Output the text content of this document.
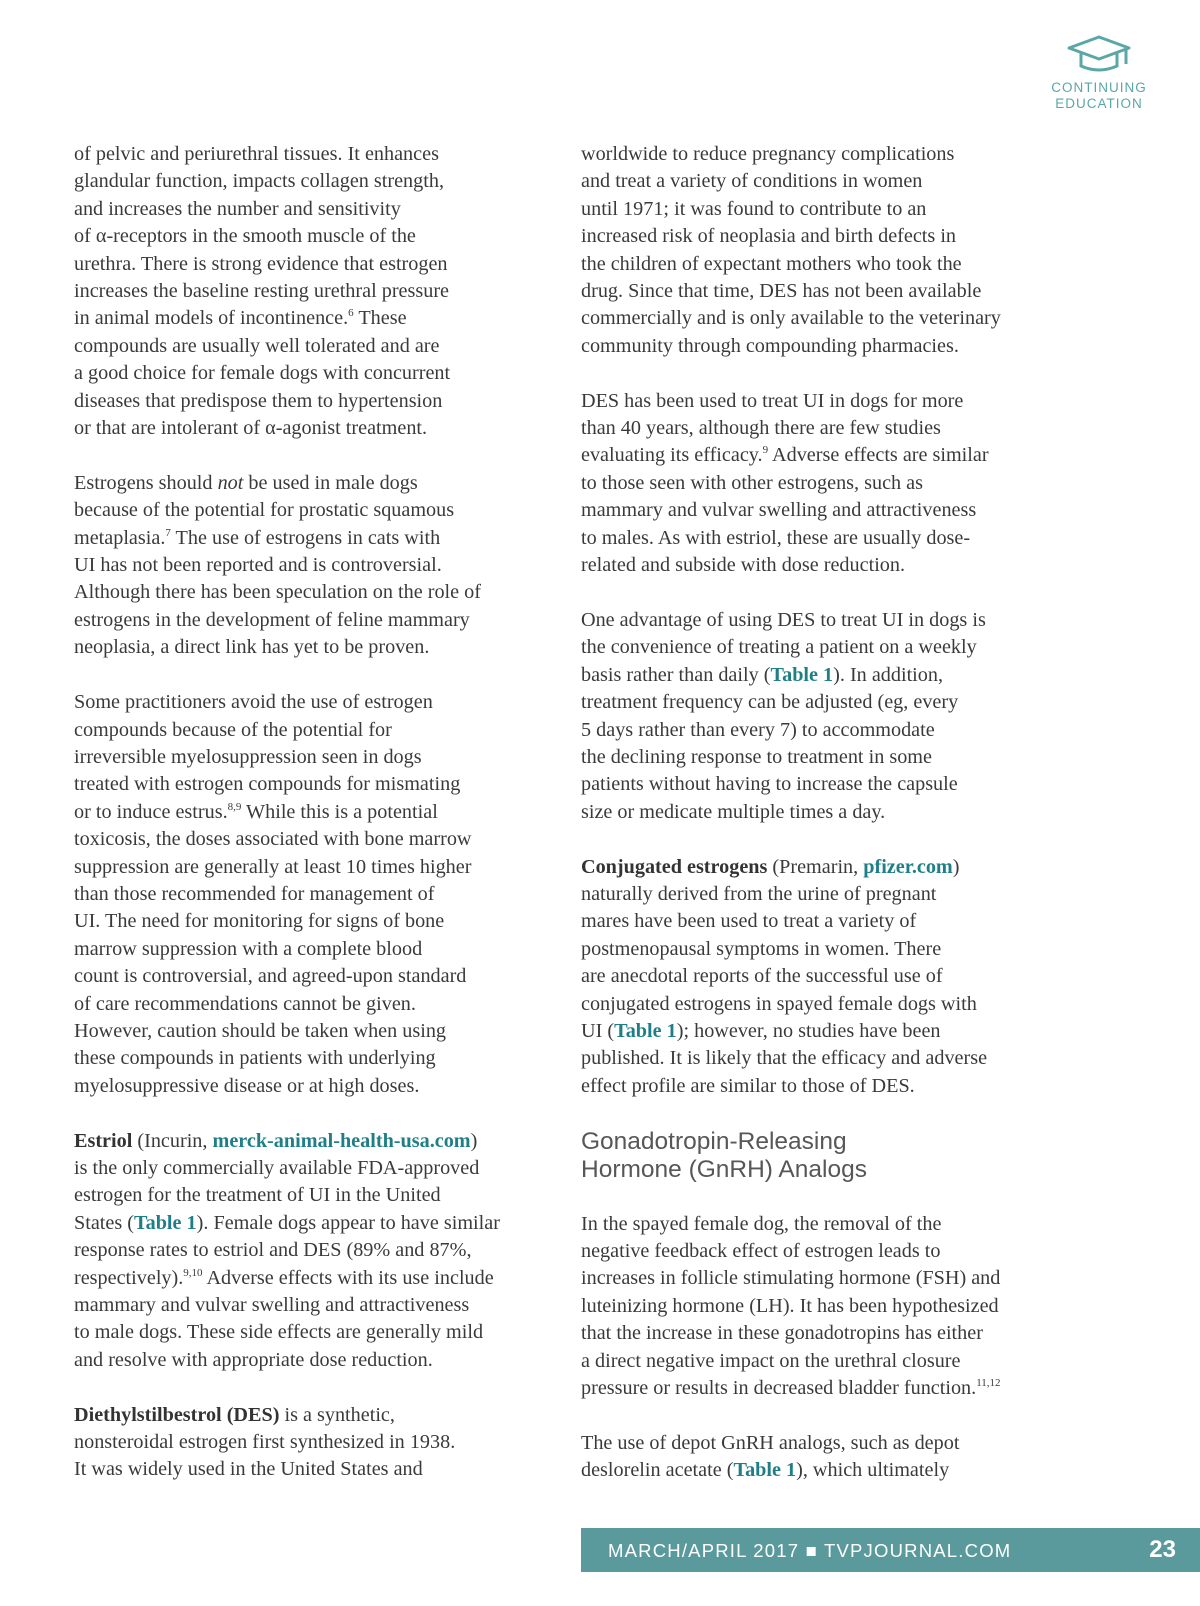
CONTINUING
EDUCATION

of pelvic and periurethral tissues. It enhances
glandular function, impacts collagen strength,
and increases the number and sensitivity
of α-receptors in the smooth muscle of the
urethra. There is strong evidence that estrogen
increases the baseline resting urethral pressure
in animal models of incontinence.$^6$ These
compounds are usually well tolerated and are
a good choice for female dogs with concurrent
diseases that predispose them to hypertension
or that are intolerant of α-agonist treatment.

Estrogens should not be used in male dogs
because of the potential for prostatic squamous
metaplasia.$^7$ The use of estrogens in cats with
UI has not been reported and is controversial.
Although there has been speculation on the role of
estrogens in the development of feline mammary
neoplasia, a direct link has yet to be proven.

Some practitioners avoid the use of estrogen
compounds because of the potential for
irreversible myelosuppression seen in dogs
treated with estrogen compounds for mismating
or to induce estrus.$^{8,9}$ While this is a potential
toxicosis, the doses associated with bone marrow
suppression are generally at least 10 times higher
than those recommended for management of
UI. The need for monitoring for signs of bone
marrow suppression with a complete blood
count is controversial, and agreed-upon standard
of care recommendations cannot be given.
However, caution should be taken when using
these compounds in patients with underlying
myelosuppressive disease or at high doses.

Estriol (Incurin, merck-animal-health-usa.com)
is the only commercially available FDA-approved
estrogen for the treatment of UI in the United
States (Table 1). Female dogs appear to have similar
response rates to estriol and DES (89% and 87%,
respectively).$^{9,10}$ Adverse effects with its use include
mammary and vulvar swelling and attractiveness
to male dogs. These side effects are generally mild
and resolve with appropriate dose reduction.

Diethylstilbestrol (DES) is a synthetic,
nonsteroidal estrogen first synthesized in 1938.
It was widely used in the United States and

worldwide to reduce pregnancy complications
and treat a variety of conditions in women
until 1971; it was found to contribute to an
increased risk of neoplasia and birth defects in
the children of expectant mothers who took the
drug. Since that time, DES has not been available
commercially and is only available to the veterinary
community through compounding pharmacies.

DES has been used to treat UI in dogs for more
than 40 years, although there are few studies
evaluating its efficacy.$^9$ Adverse effects are similar
to those seen with other estrogens, such as
mammary and vulvar swelling and attractiveness
to males. As with estriol, these are usually dose-
related and subside with dose reduction.

One advantage of using DES to treat UI in dogs is
the convenience of treating a patient on a weekly
basis rather than daily (Table 1). In addition,
treatment frequency can be adjusted (eg, every
5 days rather than every 7) to accommodate
the declining response to treatment in some
patients without having to increase the capsule
size or medicate multiple times a day.

Conjugated estrogens (Premarin, pfizer.com)
naturally derived from the urine of pregnant
mares have been used to treat a variety of
postmenopausal symptoms in women. There
are anecdotal reports of the successful use of
conjugated estrogens in spayed female dogs with
UI (Table 1); however, no studies have been
published. It is likely that the efficacy and adverse
effect profile are similar to those of DES.

Gonadotropin-Releasing
Hormone (GnRH) Analogs

In the spayed female dog, the removal of the
negative feedback effect of estrogen leads to
increases in follicle stimulating hormone (FSH) and
luteinizing hormone (LH). It has been hypothesized
that the increase in these gonadotropins has either
a direct negative impact on the urethral closure
pressure or results in decreased bladder function.$^{11,12}$

The use of depot GnRH analogs, such as depot
deslorelin acetate (Table 1), which ultimately

MARCH/APRIL 2017 ■ TVPJOURNAL.COM	23
